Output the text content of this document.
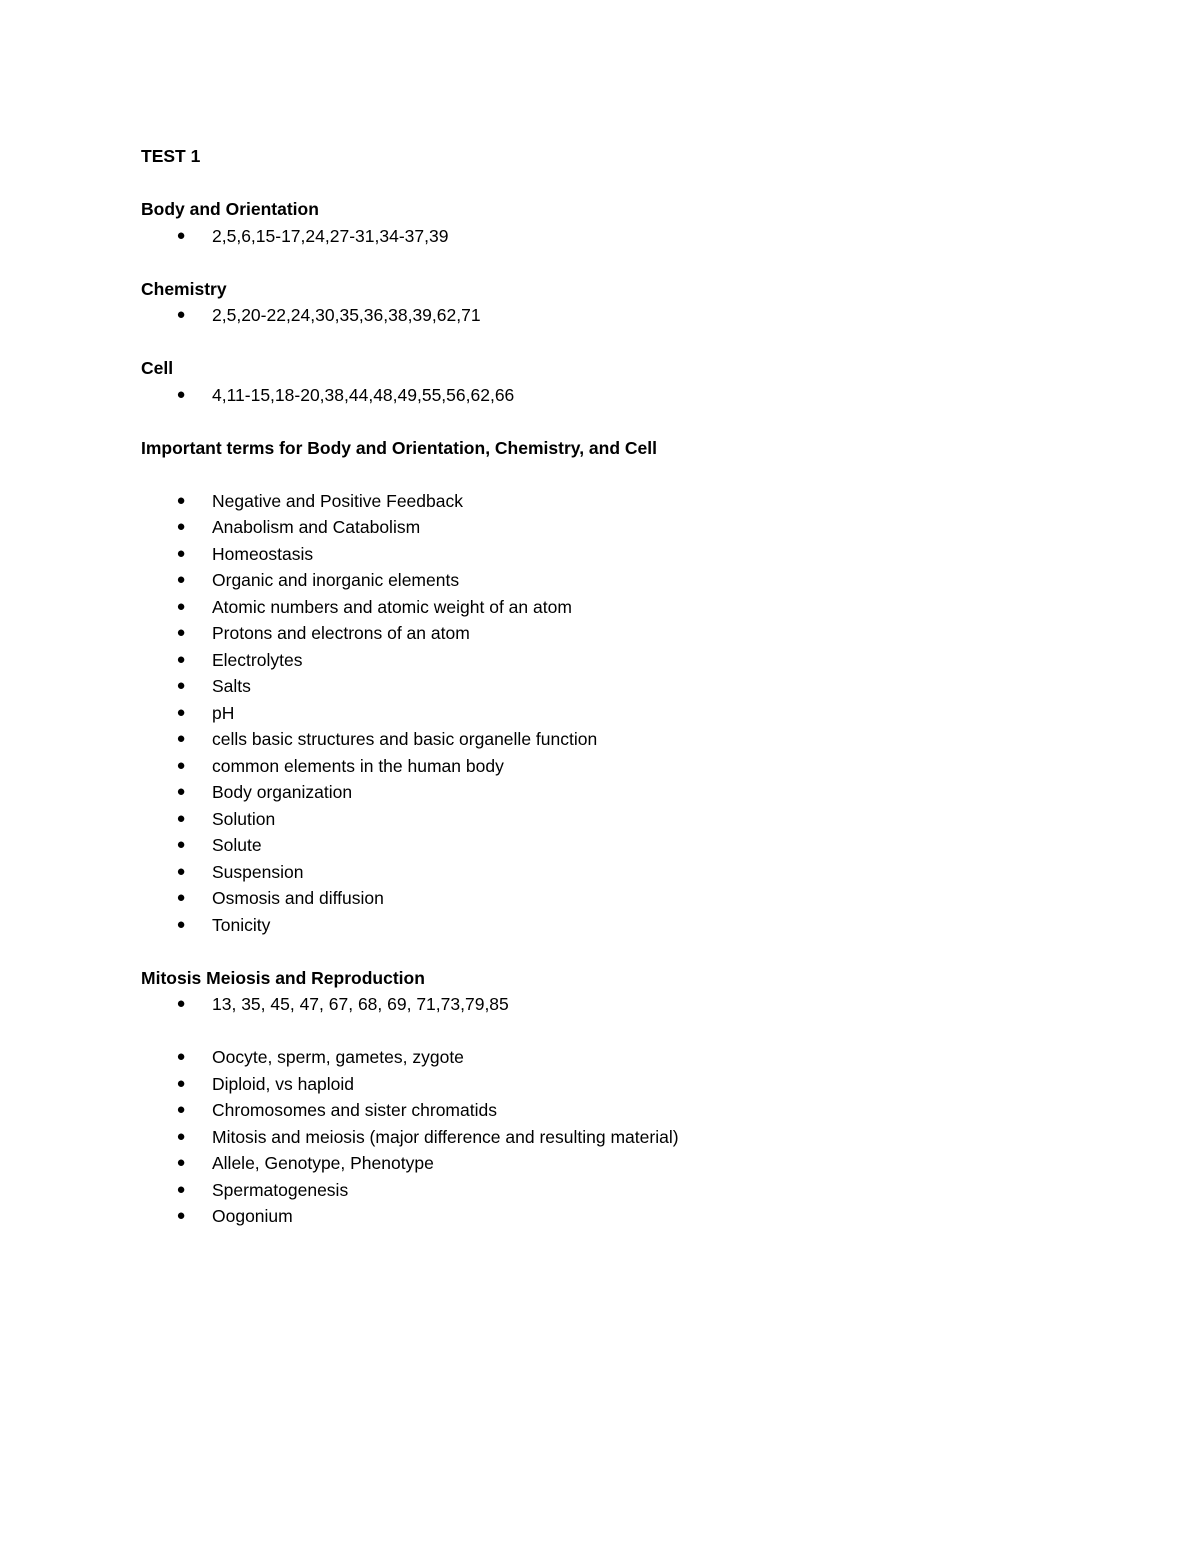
TEST 1
Body and Orientation
● 2,5,6,15-17,24,27-31,34-37,39
Chemistry
● 2,5,20-22,24,30,35,36,38,39,62,71
Cell
● 4,11-15,18-20,38,44,48,49,55,56,62,66
Important terms for Body and Orientation, Chemistry, and Cell
● Negative and Positive Feedback
● Anabolism and Catabolism
● Homeostasis
● Organic and inorganic elements
● Atomic numbers and atomic weight of an atom
● Protons and electrons of an atom
● Electrolytes
● Salts
● pH
● cells basic structures and basic organelle function
● common elements in the human body
● Body organization
● Solution
● Solute
● Suspension
● Osmosis and diffusion
● Tonicity
Mitosis Meiosis and Reproduction
● 13, 35, 45, 47, 67, 68, 69, 71,73,79,85
● Oocyte, sperm, gametes, zygote
● Diploid, vs haploid
● Chromosomes and sister chromatids
● Mitosis and meiosis (major difference and resulting material)
● Allele, Genotype, Phenotype
● Spermatogenesis
● Oogonium
